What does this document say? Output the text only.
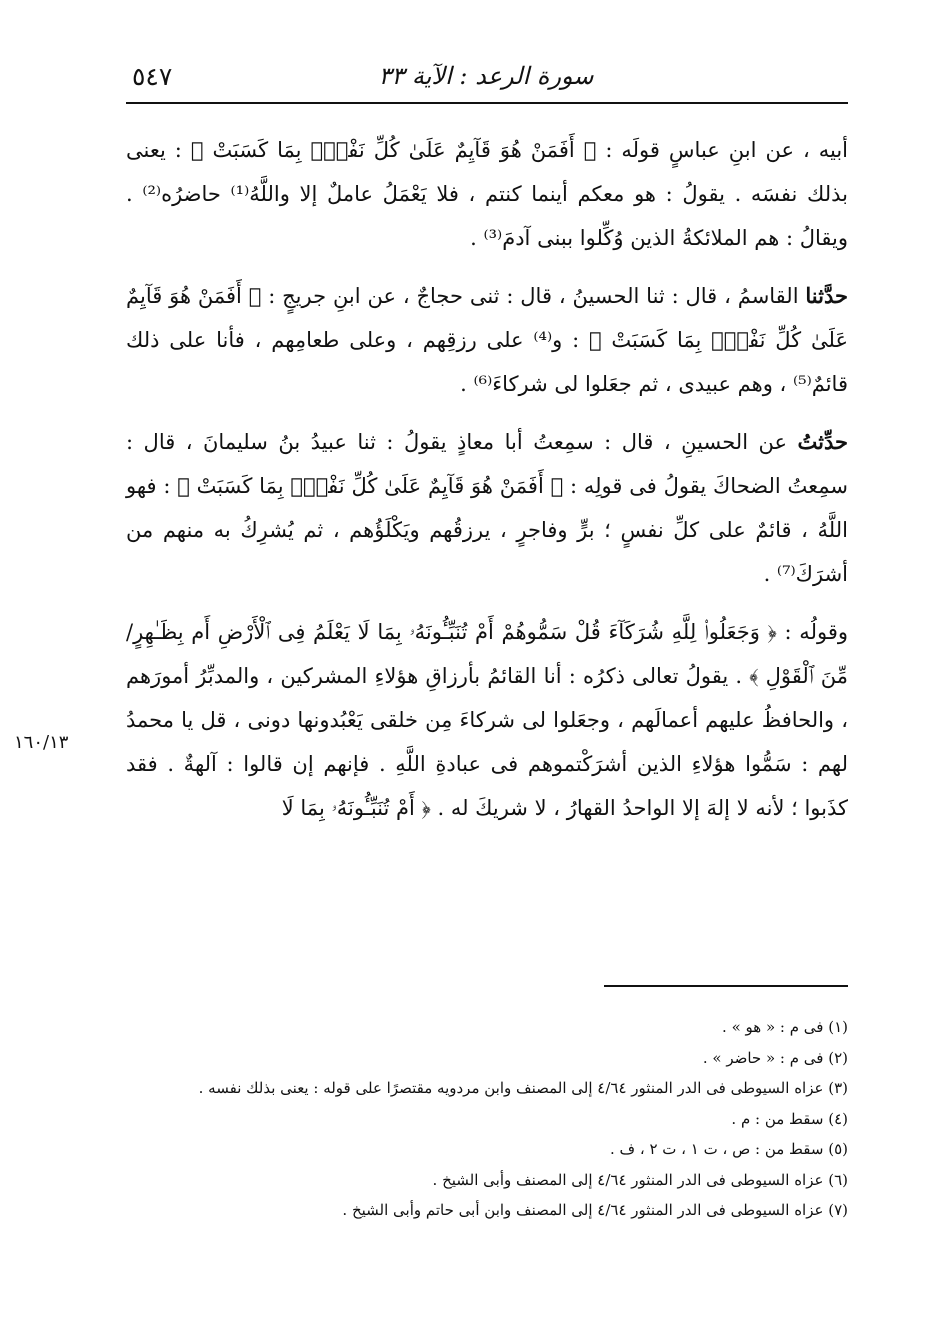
٥٤٧	سورة الرعد : الآية ٣٣
١٦٠/١٣

أبيه ، عن ابنِ عباسٍ قولَه : ﴿ أَفَمَنْ هُوَ قَآيِمٌ عَلَىٰ كُلِّ نَفْسٍۢ بِمَا كَسَبَتْ ﴾ : يعنى بذلك نفسَه . يقولُ : هو معكم أينما كنتم ، فلا يَعْمَلُ عاملٌ إلا واللَّهُ⁽¹⁾ حاضرُه⁽²⁾ . ويقالُ : هم الملائكةُ الذين وُكِّلوا ببنى آدمَ⁽³⁾ .

حدَّثنا القاسمُ ، قال : ثنا الحسينُ ، قال : ثنى حجاجٌ ، عن ابنِ جريجٍ : ﴿ أَفَمَنْ هُوَ قَآيِمٌ عَلَىٰ كُلِّ نَفْسٍۢ بِمَا كَسَبَتْ ﴾ : و⁽⁴⁾ على رزقِهم ، وعلى طعامِهم ، فأنا على ذلك قائمٌ⁽⁵⁾ ، وهم عبيدى ، ثم جعَلوا لى شركاءَ⁽⁶⁾ .

حدِّثتُ عن الحسينِ ، قال : سمِعتُ أبا معاذٍ يقولُ : ثنا عبيدُ بنُ سليمانَ ، قال : سمِعتُ الضحاكَ يقولُ فى قولِه : ﴿ أَفَمَنْ هُوَ قَآيِمٌ عَلَىٰ كُلِّ نَفْسٍۢ بِمَا كَسَبَتْ ﴾ : فهو اللَّهُ ، قائمٌ على كلِّ نفسٍ ؛ برٍّ وفاجرٍ ، يرزقُهم ويَكْلَؤُهم ، ثم يُشرِكُ به منهم من أشرَكَ⁽⁷⁾ .

وقولُه : ﴿ وَجَعَلُوا۟ لِلَّهِ شُرَكَآءَ قُلْ سَمُّوهُمْ أَمْ تُنَبِّـُٔونَهُۥ بِمَا لَا يَعْلَمُ فِى ٱلْأَرْضِ أَم بِظَـٰهِرٍ/مِّنَ ٱلْقَوْلِ ﴾ . يقولُ تعالى ذكرُه : أنا القائمُ بأرزاقِ هؤلاءِ المشركين ، والمدبِّرُ أمورَهم ، والحافظُ عليهم أعمالَهم ، وجعَلوا لى شركاءَ مِن خلقى يَعْبُدونها دونى ، قل يا محمدُ لهم : سَمُّوا هؤلاءِ الذين أشرَكْتموهم فى عبادةِ اللَّهِ . فإنهم إن قالوا : آلهةٌ . فقد كذَبوا ؛ لأنه لا إلهَ إلا الواحدُ القهارُ ، لا شريكَ له . ﴿ أَمْ تُنَبِّـُٔونَهُۥ بِمَا لَا

(١) فى م : « هو » .

(٢) فى م : « حاضر » .

(٣) عزاه السيوطى فى الدر المنثور ٤/٦٤ إلى المصنف وابن مردويه مقتصرًا على قوله : يعنى بذلك نفسه .

(٤) سقط من : م .

(٥) سقط من : ص ، ت ١ ، ت ٢ ، ف .

(٦) عزاه السيوطى فى الدر المنثور ٤/٦٤ إلى المصنف وأبى الشيخ .

(٧) عزاه السيوطى فى الدر المنثور ٤/٦٤ إلى المصنف وابن أبى حاتم وأبى الشيخ .
